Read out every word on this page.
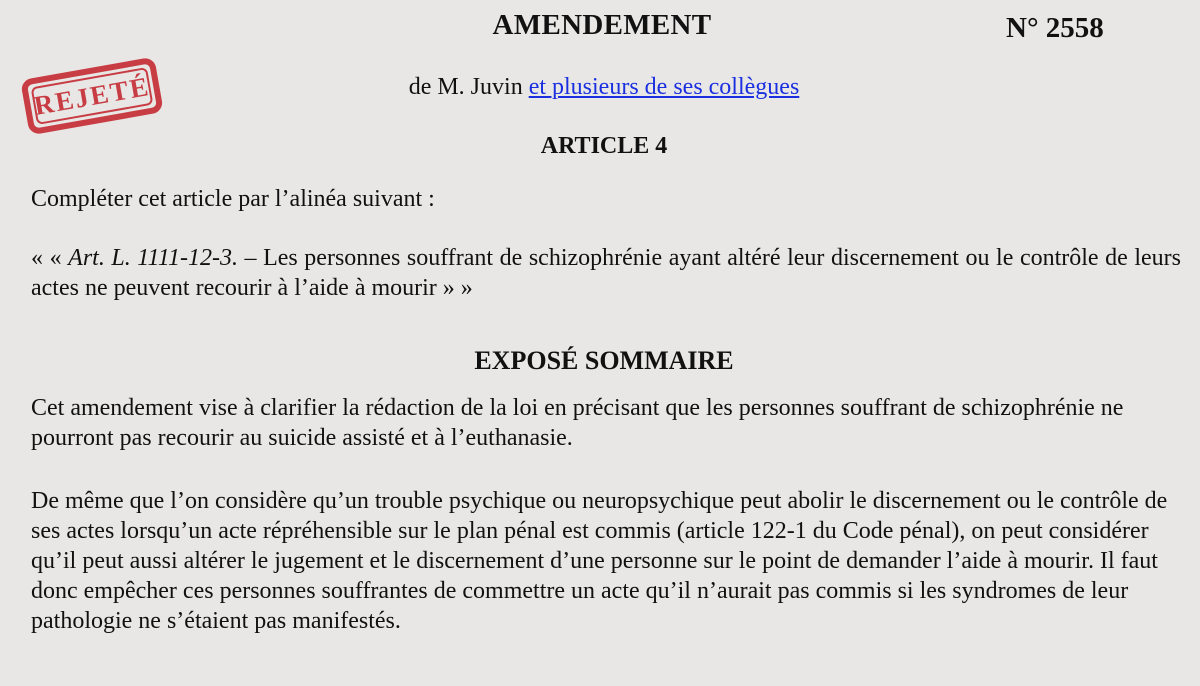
AMENDEMENT	N° 2558
REJETÉ	de M. Juvin et plusieurs de ses collègues
ARTICLE 4

Compléter cet article par l’alinéa suivant :

« « Art. L. 1111-12-3. – Les personnes souffrant de schizophrénie ayant altéré leur discernement ou le contrôle de leurs actes ne peuvent recourir à l’aide à mourir » »

EXPOSÉ SOMMAIRE

Cet amendement vise à clarifier la rédaction de la loi en précisant que les personnes souffrant de schizophrénie ne pourront pas recourir au suicide assisté et à l’euthanasie.

De même que l’on considère qu’un trouble psychique ou neuropsychique peut abolir le discernement ou le contrôle de ses actes lorsqu’un acte répréhensible sur le plan pénal est commis (article 122-1 du Code pénal), on peut considérer qu’il peut aussi altérer le jugement et le discernement d’une personne sur le point de demander l’aide à mourir. Il faut donc empêcher ces personnes souffrantes de commettre un acte qu’il n’aurait pas commis si les syndromes de leur pathologie ne s’étaient pas manifestés.
